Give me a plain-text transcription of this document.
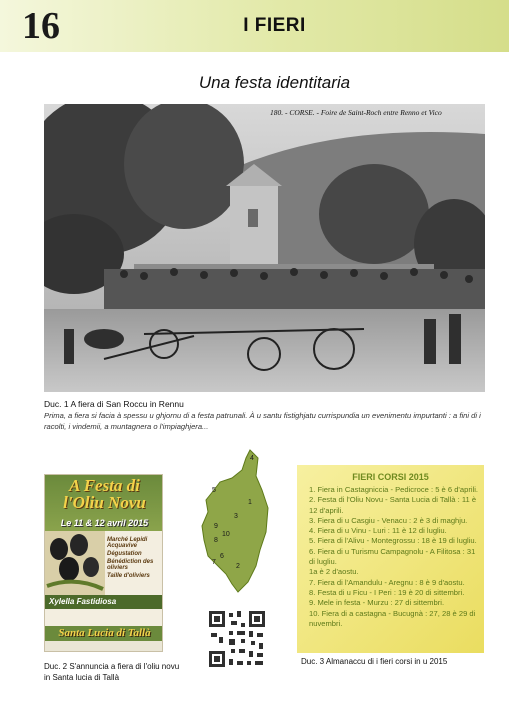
16	I FIERI
Una festa identitaria
180. - CORSE. - Foire de Saint-Roch entre Renno et Vico
Duc. 1 A fiera di San Roccu in Rennu
Prima, a fiera si facia à spessu u ghjornu di a festa patrunali. À u santu fistighjatu currispundia un evenimentu impurtanti : a fini di i racolti, i vindemii, a muntagnera o l'impiaghjera...
A Festa di l'Oliu Novu
Le 11 & 12 avril 2015
Marché Lepidi Acquavive
Dégustation
Bénédiction des oliviers
Taille d'oliviers
Xylella Fastidiosa
Santa Lucia di Tallà
Duc. 2 S'annuncia a fiera di l'oliu novu in Santa lucia di Tallà
4
5
1
3
9
10
8
6
7
2
FIERI CORSI 2015
1. Fiera in Castagniccia - Pedicroce : 5 è 6 d'aprili.
2. Festa di l'Oliu Novu - Santa Lucia di Tallà : 11 è 12 d'aprili.
3. Fiera di u Casgiu - Venacu : 2 è 3 di maghju.
4. Fiera di u Vinu - Luri : 11 è 12 di lugliu.
5. Fiera di l'Alivu - Montegrossu : 18 è 19 di lugliu.
6. Fiera di u Turismu Campagnolu - A Filitosa : 31 di lugliu.
1a è 2 d'aostu.
7. Fiera di l'Amandulu - Aregnu : 8 è 9 d'aostu.
8. Festa di u Ficu - I Peri : 19 è 20 di sittembri.
9. Mele in festa - Murzu : 27 di sittembri.
10. Fiera di a castagna - Bucugnà : 27, 28 è 29 di nuvembri.
Duc. 3 Almanaccu di i fieri corsi in u 2015
